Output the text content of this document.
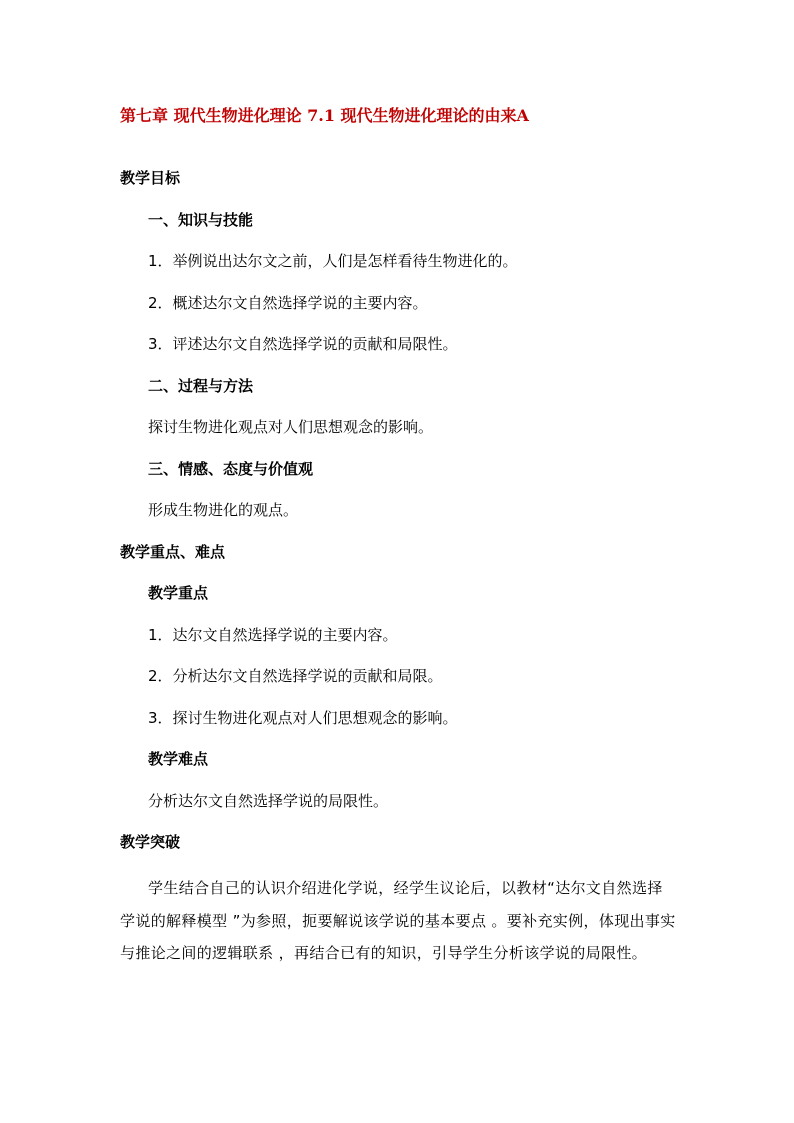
第七章 现代生物进化理论 7.1 现代生物进化理论的由来A
教学目标
一、知识与技能
1．举例说出达尔文之前，人们是怎样看待生物进化的。
2．概述达尔文自然选择学说的主要内容。
3．评述达尔文自然选择学说的贡献和局限性。
二、过程与方法
探讨生物进化观点对人们思想观念的影响。
三、情感、态度与价值观
形成生物进化的观点。
教学重点、难点
教学重点
1．达尔文自然选择学说的主要内容。
2．分析达尔文自然选择学说的贡献和局限。
3．探讨生物进化观点对人们思想观念的影响。
教学难点
分析达尔文自然选择学说的局限性。
教学突破
学生结合自己的认识介绍进化学说，经学生议论后，以教材“达尔文自然选择学说的解释模型 ”为参照，扼要解说该学说的基本要点 。要补充实例，体现出事实与推论之间的逻辑联系 ，再结合已有的知识，引导学生分析该学说的局限性。
